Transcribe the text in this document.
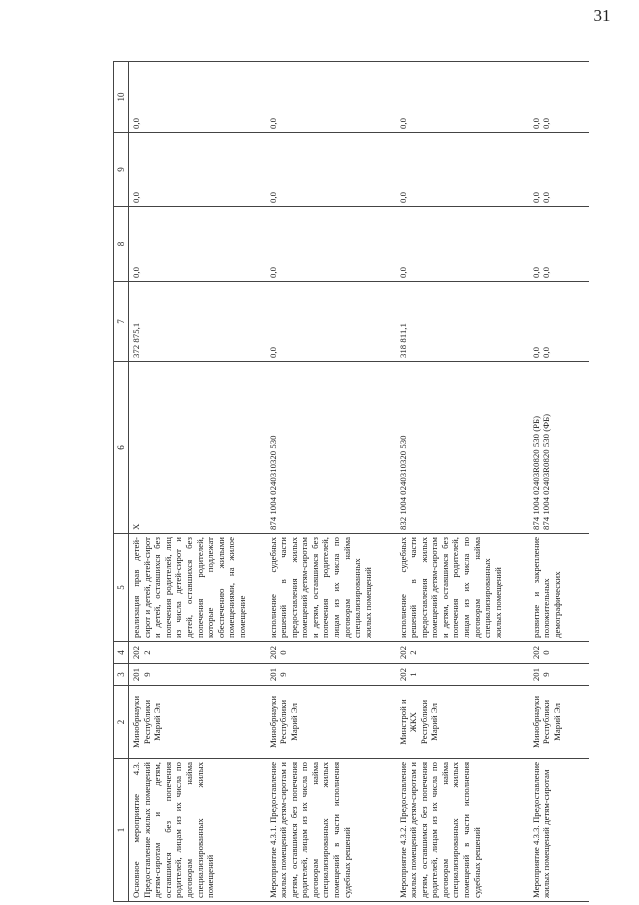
31
1	2	3	4	5	6	7	8	9	10
Основное мероприятие 4.3. Предоставление жилых помещений детям-сиротам и детям, оставшимся без попечения родителей, лицам из их числа по договорам найма специализированных жилых помещений	Минобрнауки Республики Марий Эл	2019	2022	реализация прав детей-сирот и детей, детей-сирот и детей, оставшихся без попечения родителей, лиц из числа детей-сирот и детей, оставшихся без попечения родителей, которые подлежат обеспечению жилыми помещениями, на жилое помещение	X	372 875,1	0,0	0,0	0,0

Мероприятие 4.3.1. Предоставление жилых помещений детям-сиротам и детям, оставшимся без попечения родителей, лицам из их числа по договорам найма специализированных жилых помещений в части исполнения судебных решений	Минобрнауки Республики Марий Эл	2019	2020	исполнение судебных решений в части предоставления жилых помещений детям-сиротам и детям, оставшимся без попечения родителей, лицам из их числа по договорам найма специализированных жилых помещений	874 1004 0240310320 530	0,0	0,0	0,0	0,0

Мероприятие 4.3.2. Предоставление жилых помещений детям-сиротам и детям, оставшимся без попечения родителей, лицам из их числа по договорам найма специализированных жилых помещений в части исполнения судебных решений	Минстрой и ЖКХ Республики Марий Эл	2021	2022	исполнение судебных решений в части предоставления жилых помещений детям-сиротам и детям, оставшимся без попечения родителей, лицам из их числа по договорам найма специализированных жилых помещений	832 1004 0240310320 530	318 811,1	0,0	0,0	0,0

Мероприятие 4.3.3. Предоставление жилых помещений детям-сиротам	Минобрнауки Республики Марий Эл	2019	2020	развитие и закрепление положительных демографических	874 1004 02403R0820 530 (РБ) 874 1004 02403R0820 530 (ФБ)	0,0 0,0	0,0 0,0	0,0 0,0	0,0 0,0
